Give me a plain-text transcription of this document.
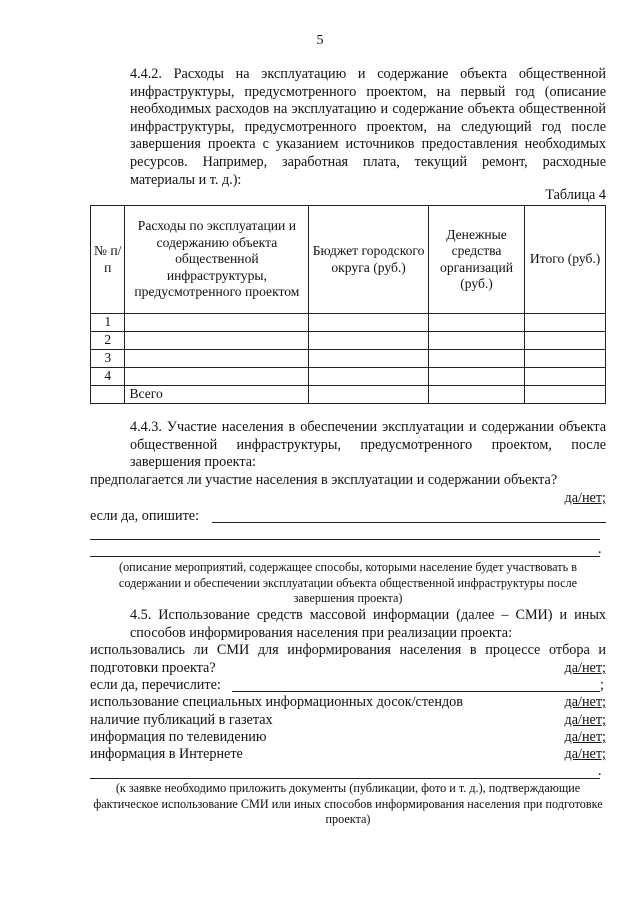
5
4.4.2. Расходы на эксплуатацию и содержание объекта общественной инфраструктуры, предусмотренного проектом, на первый год (описание необходимых расходов на эксплуатацию и содержание объекта общественной инфраструктуры, предусмотренного проектом, на следующий год после завершения проекта с указанием источников предоставления необходимых ресурсов. Например, заработная плата, текущий ремонт, расходные материалы и т. д.):
Таблица 4
№ п/п	Расходы по эксплуатации и содержанию объекта общественной инфраструктуры, предусмотренного проектом	Бюджет городского округа (руб.)	Денежные средства организаций (руб.)	Итого (руб.)
1				
2				
3				
4				
	Всего			
4.4.3. Участие населения в обеспечении эксплуатации и содержании объекта общественной инфраструктуры, предусмотренного проектом, после завершения проекта:
предполагается ли участие населения в эксплуатации и содержании объекта?
да/нет;
если да, опишите:
.
(описание мероприятий, содержащее способы, которыми население будет участвовать в содержании и обеспечении эксплуатации объекта общественной инфраструктуры после завершения проекта)
4.5. Использование средств массовой информации (далее – СМИ) и иных способов информирования населения при реализации проекта:
использовались ли СМИ для информирования населения в процессе отбора и подготовки проекта?	да/нет;
если да, перечислите:	;
использование специальных информационных досок/стендов	да/нет;
наличие публикаций в газетах	да/нет;
информация по телевидению	да/нет;
информация в Интернете	да/нет;
.
(к заявке необходимо приложить документы (публикации, фото и т. д.), подтверждающие фактическое использование СМИ или иных способов информирования населения при подготовке проекта)
